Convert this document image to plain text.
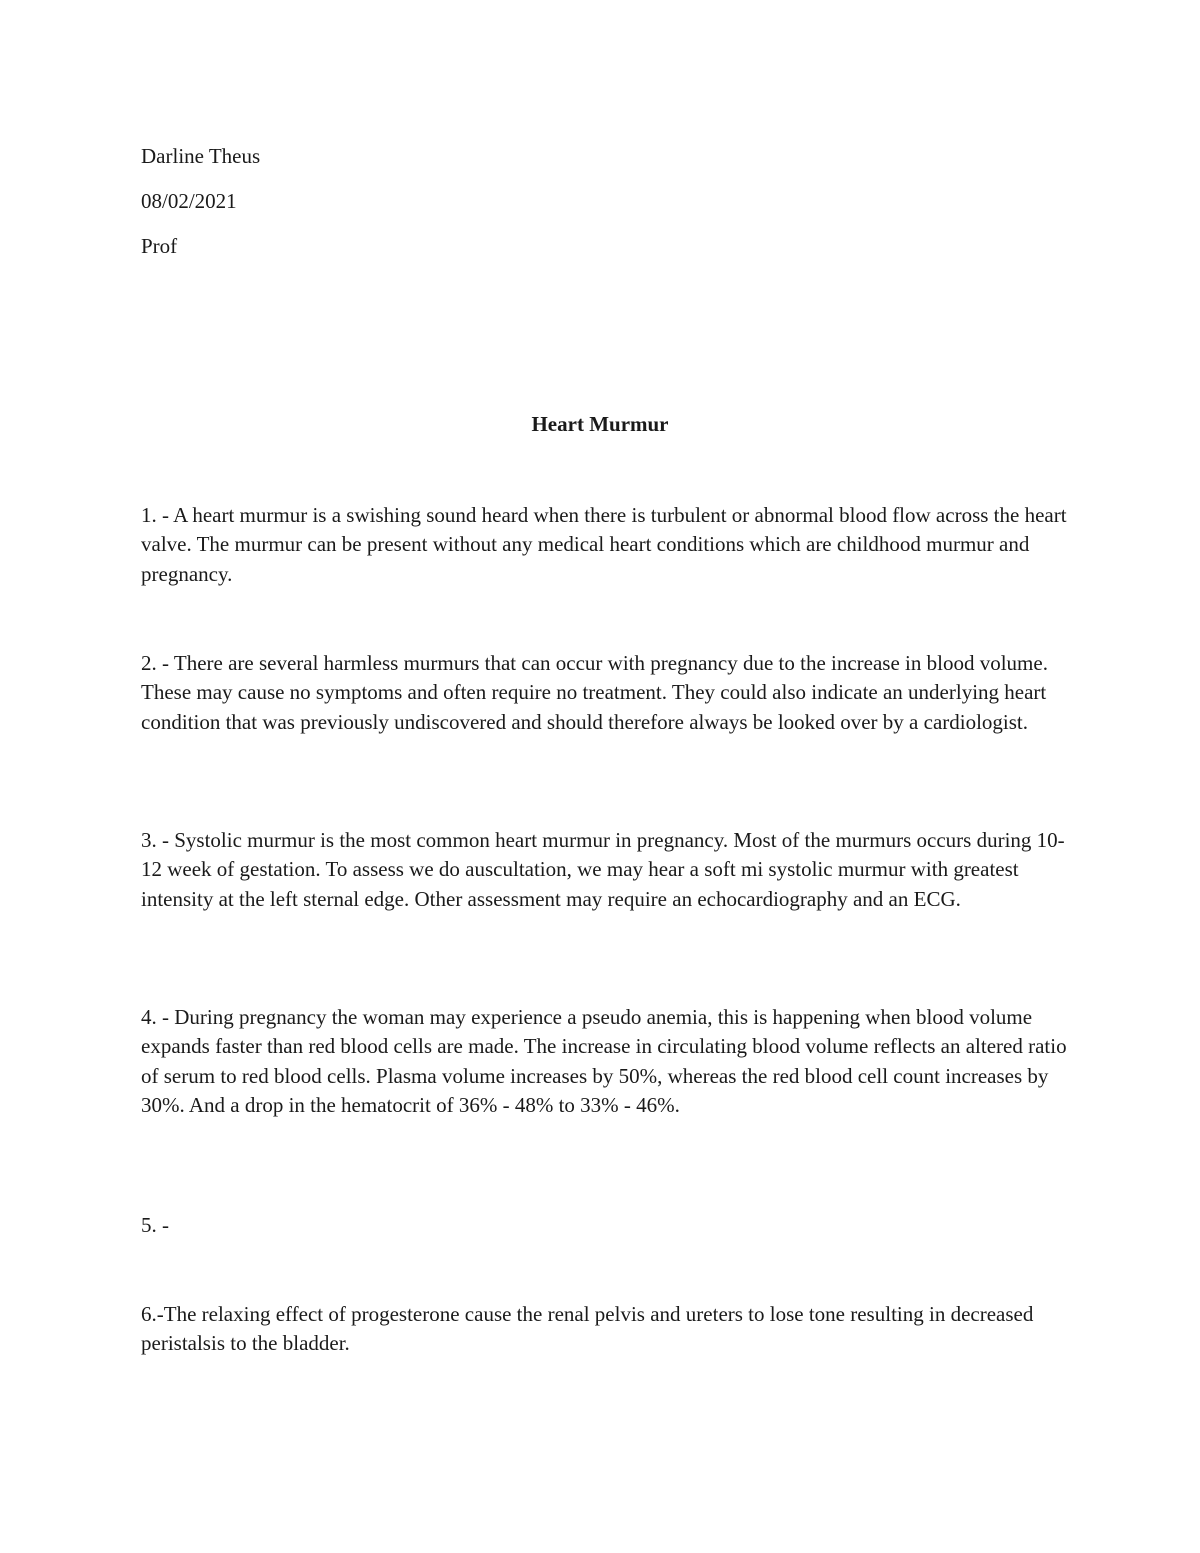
Darline Theus
08/02/2021
Prof
Heart Murmur
1. - A heart murmur is a swishing sound heard when there is turbulent or abnormal blood flow across the heart valve. The murmur can be present without any medical heart conditions which are childhood murmur and pregnancy.
2. - There are several harmless murmurs that can occur with pregnancy due to the increase in blood volume. These may cause no symptoms and often require no treatment. They could also indicate an underlying heart condition that was previously undiscovered and should therefore always be looked over by a cardiologist.
3. - Systolic murmur is the most common heart murmur in pregnancy. Most of the murmurs occurs during 10-12 week of gestation. To assess we do auscultation, we may hear a soft mi systolic murmur with greatest intensity at the left sternal edge. Other assessment may require an echocardiography and an ECG.
4. - During pregnancy the woman may experience a pseudo anemia, this is happening when blood volume expands faster than red blood cells are made. The increase in circulating blood volume reflects an altered ratio of serum to red blood cells. Plasma volume increases by 50%, whereas the red blood cell count increases by 30%. And a drop in the hematocrit of 36% - 48% to 33% - 46%.
5. -
6.-The relaxing effect of progesterone cause the renal pelvis and ureters to lose tone resulting in decreased peristalsis to the bladder.
